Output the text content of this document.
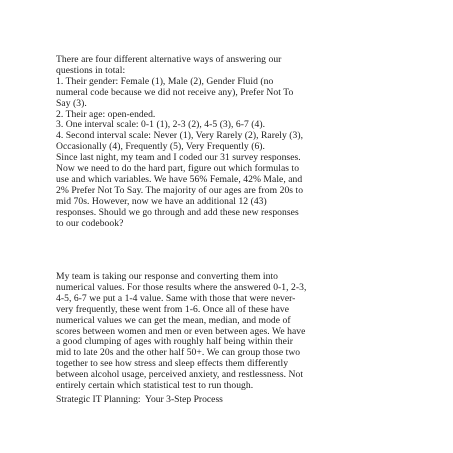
There are four different alternative ways of answering our
questions in total:
1. Their gender: Female (1), Male (2), Gender Fluid (no
numeral code because we did not receive any), Prefer Not To
Say (3).
2. Their age: open-ended.
3. One interval scale: 0-1 (1), 2-3 (2), 4-5 (3), 6-7 (4).
4. Second interval scale: Never (1), Very Rarely (2), Rarely (3),
Occasionally (4), Frequently (5), Very Frequently (6).
Since last night, my team and I coded our 31 survey responses.
Now we need to do the hard part, figure out which formulas to
use and which variables. We have 56% Female, 42% Male, and
2% Prefer Not To Say. The majority of our ages are from 20s to
mid 70s. However, now we have an additional 12 (43)
responses. Should we go through and add these new responses
to our codebook?
My team is taking our response and converting them into
numerical values. For those results where the answered 0-1, 2-3,
4-5, 6-7 we put a 1-4 value. Same with those that were never-
very frequently, these went from 1-6. Once all of these have
numerical values we can get the mean, median, and mode of
scores between women and men or even between ages. We have
a good clumping of ages with roughly half being within their
mid to late 20s and the other half 50+. We can group those two
together to see how stress and sleep effects them differently
between alcohol usage, perceived anxiety, and restlessness. Not
entirely certain which statistical test to run though.
Strategic IT Planning:  Your 3-Step Process
